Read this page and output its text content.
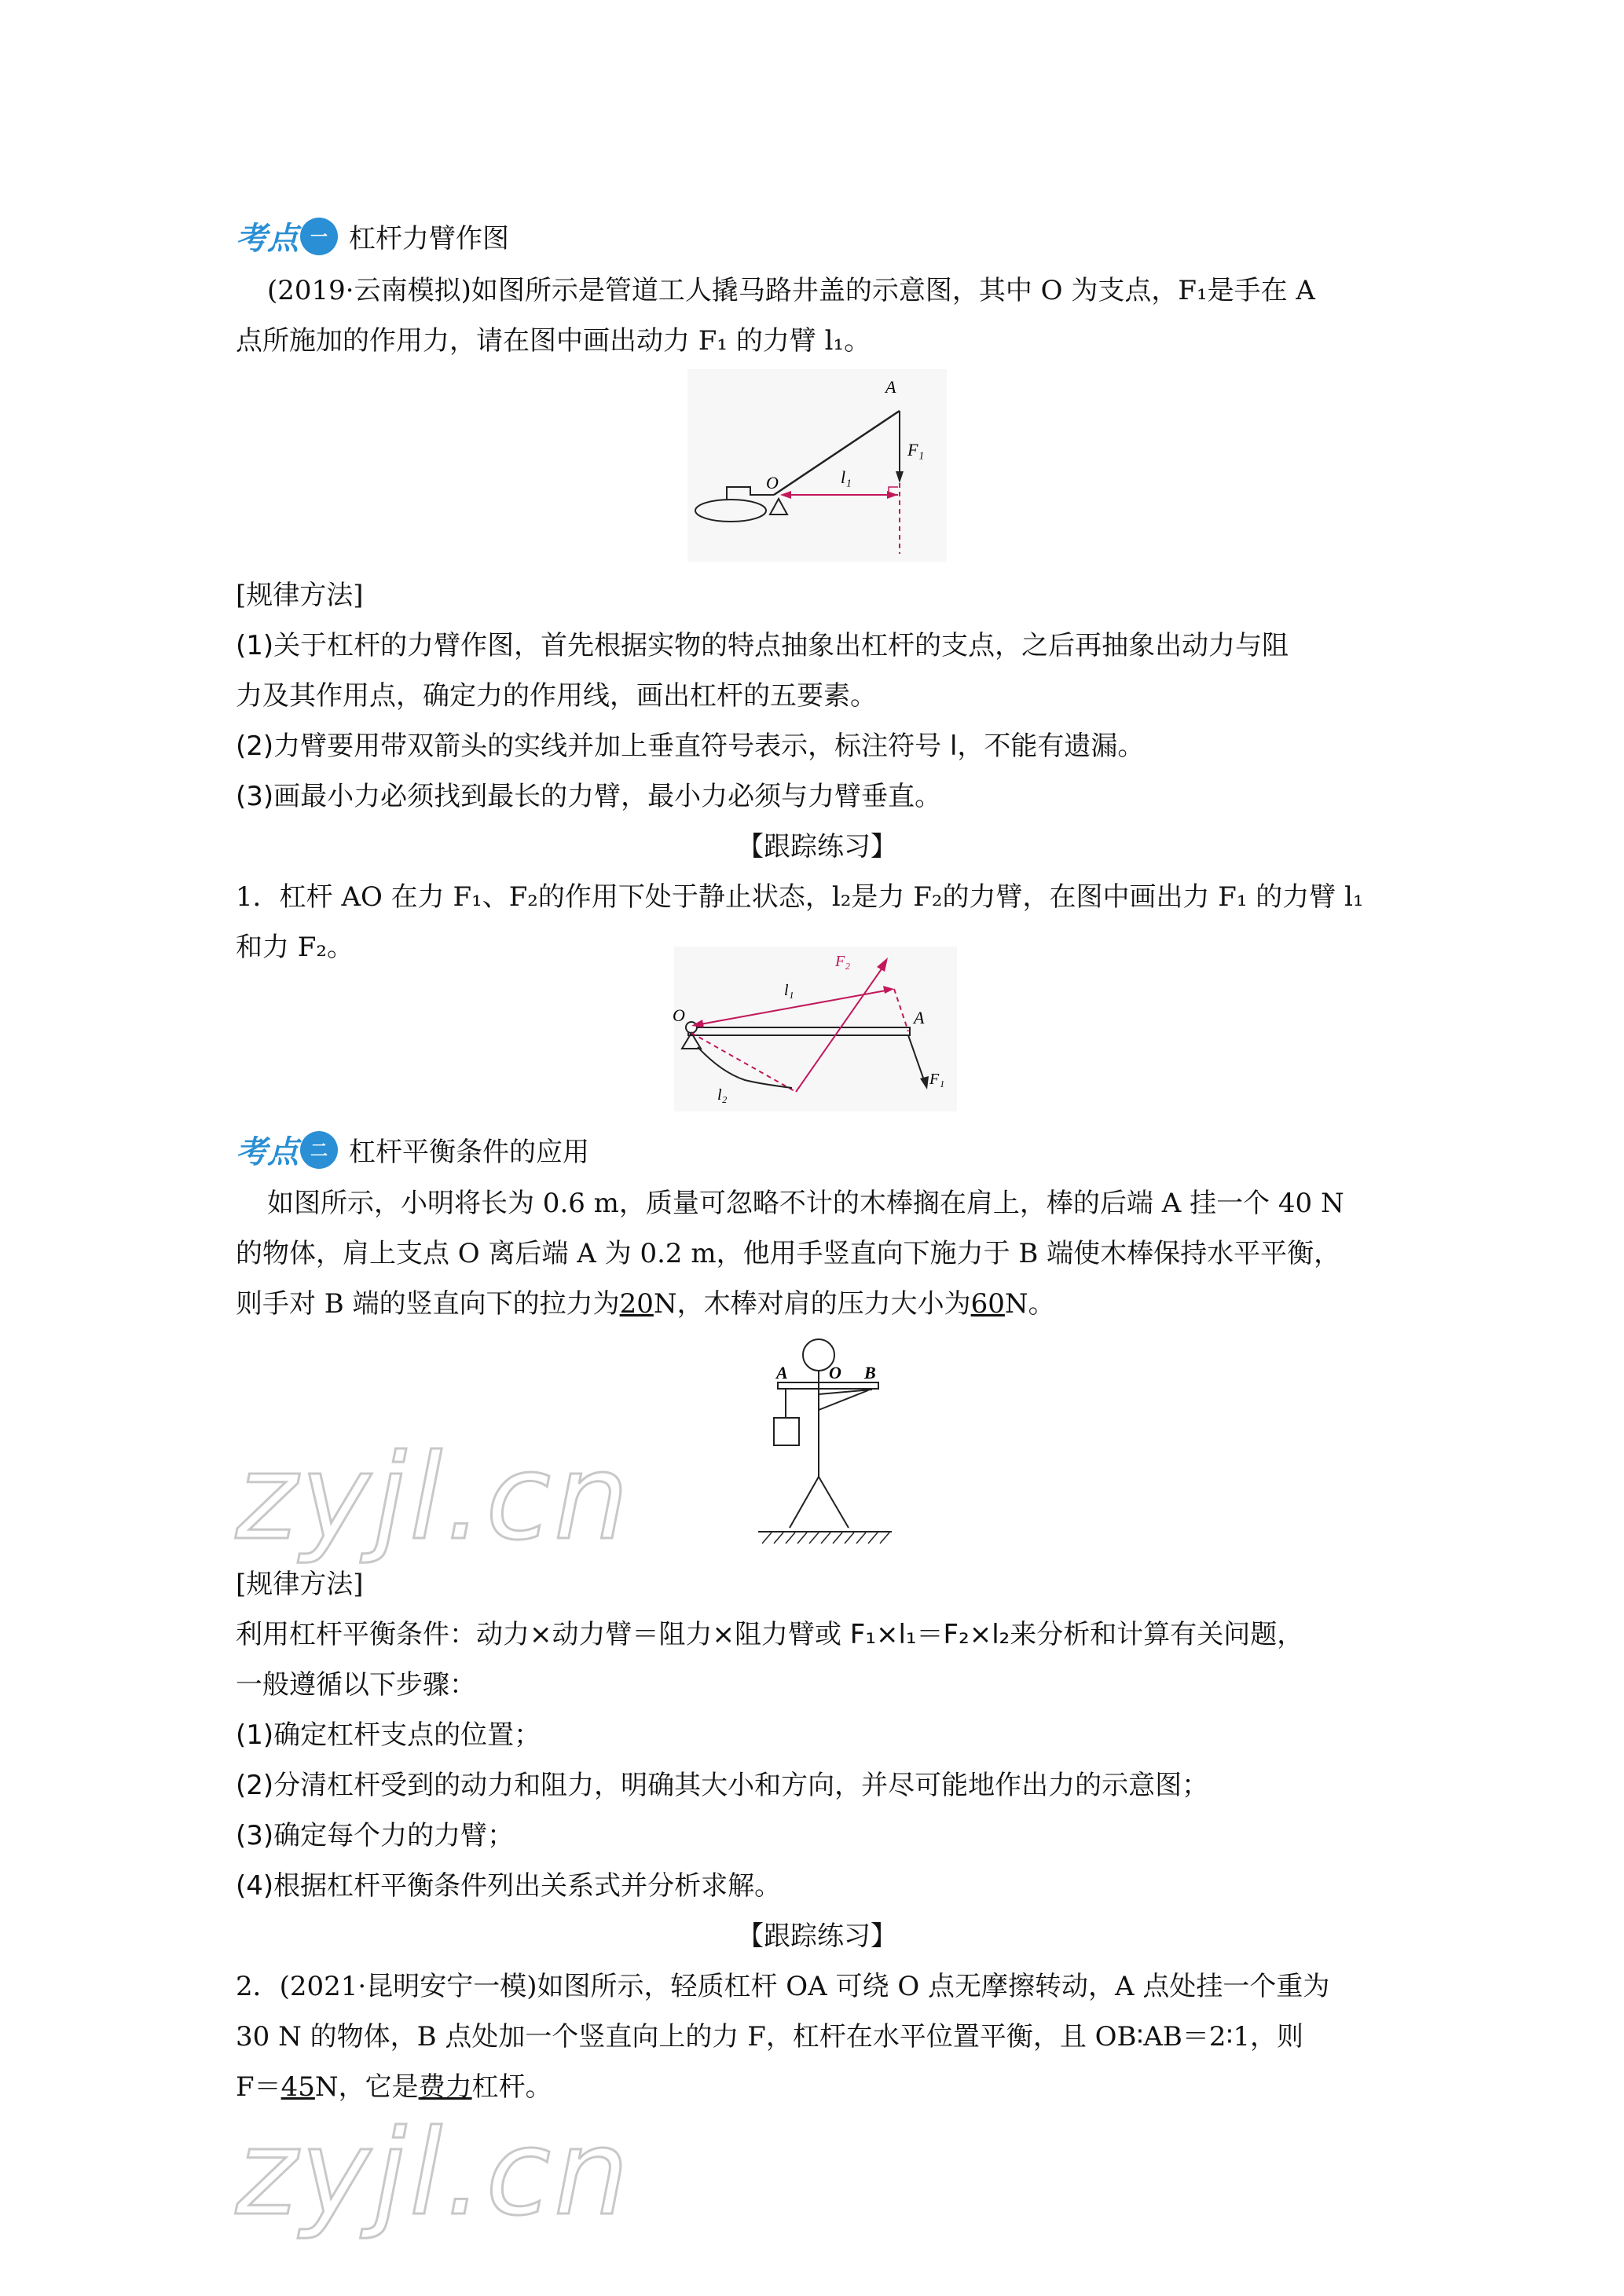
考点 一 杠杆力臂作图

(2019·云南模拟)如图所示是管道工人撬马路井盖的示意图，其中 O 为支点，F₁是手在 A

点所施加的作用力，请在图中画出动力 F₁ 的力臂 l₁。

A
O
F₁
l₁

[规律方法]

(1)关于杠杆的力臂作图，首先根据实物的特点抽象出杠杆的支点，之后再抽象出动力与阻

力及其作用点，确定力的作用线，画出杠杆的五要素。

(2)力臂要用带双箭头的实线并加上垂直符号表示，标注符号 l，不能有遗漏。

(3)画最小力必须找到最长的力臂，最小力必须与力臂垂直。

【跟踪练习】

1．杠杆 AO 在力 F₁、F₂的作用下处于静止状态，l₂是力 F₂的力臂，在图中画出力 F₁ 的力臂 l₁

和力 F₂。

O	A
F₁
F₂
l₁
l₂
考点 二 杠杆平衡条件的应用

如图所示，小明将长为 0.6 m，质量可忽略不计的木棒搁在肩上，棒的后端 A 挂一个 40 N

的物体，肩上支点 O 离后端 A 为 0.2 m，他用手竖直向下施力于 B 端使木棒保持水平平衡，

则手对 B 端的竖直向下的拉力为20N，木棒对肩的压力大小为60N。

A O B
zyjl.cn

[规律方法]

利用杠杆平衡条件：动力×动力臂＝阻力×阻力臂或 F₁×l₁＝F₂×l₂来分析和计算有关问题，

一般遵循以下步骤：

(1)确定杠杆支点的位置；

(2)分清杠杆受到的动力和阻力，明确其大小和方向，并尽可能地作出力的示意图；

(3)确定每个力的力臂；

(4)根据杠杆平衡条件列出关系式并分析求解。

【跟踪练习】

2．(2021·昆明安宁一模)如图所示，轻质杠杆 OA 可绕 O 点无摩擦转动，A 点处挂一个重为

30 N 的物体，B 点处加一个竖直向上的力 F，杠杆在水平位置平衡，且 OB∶AB＝2∶1，则

F＝45N，它是费力杠杆。

zyjl.cn
